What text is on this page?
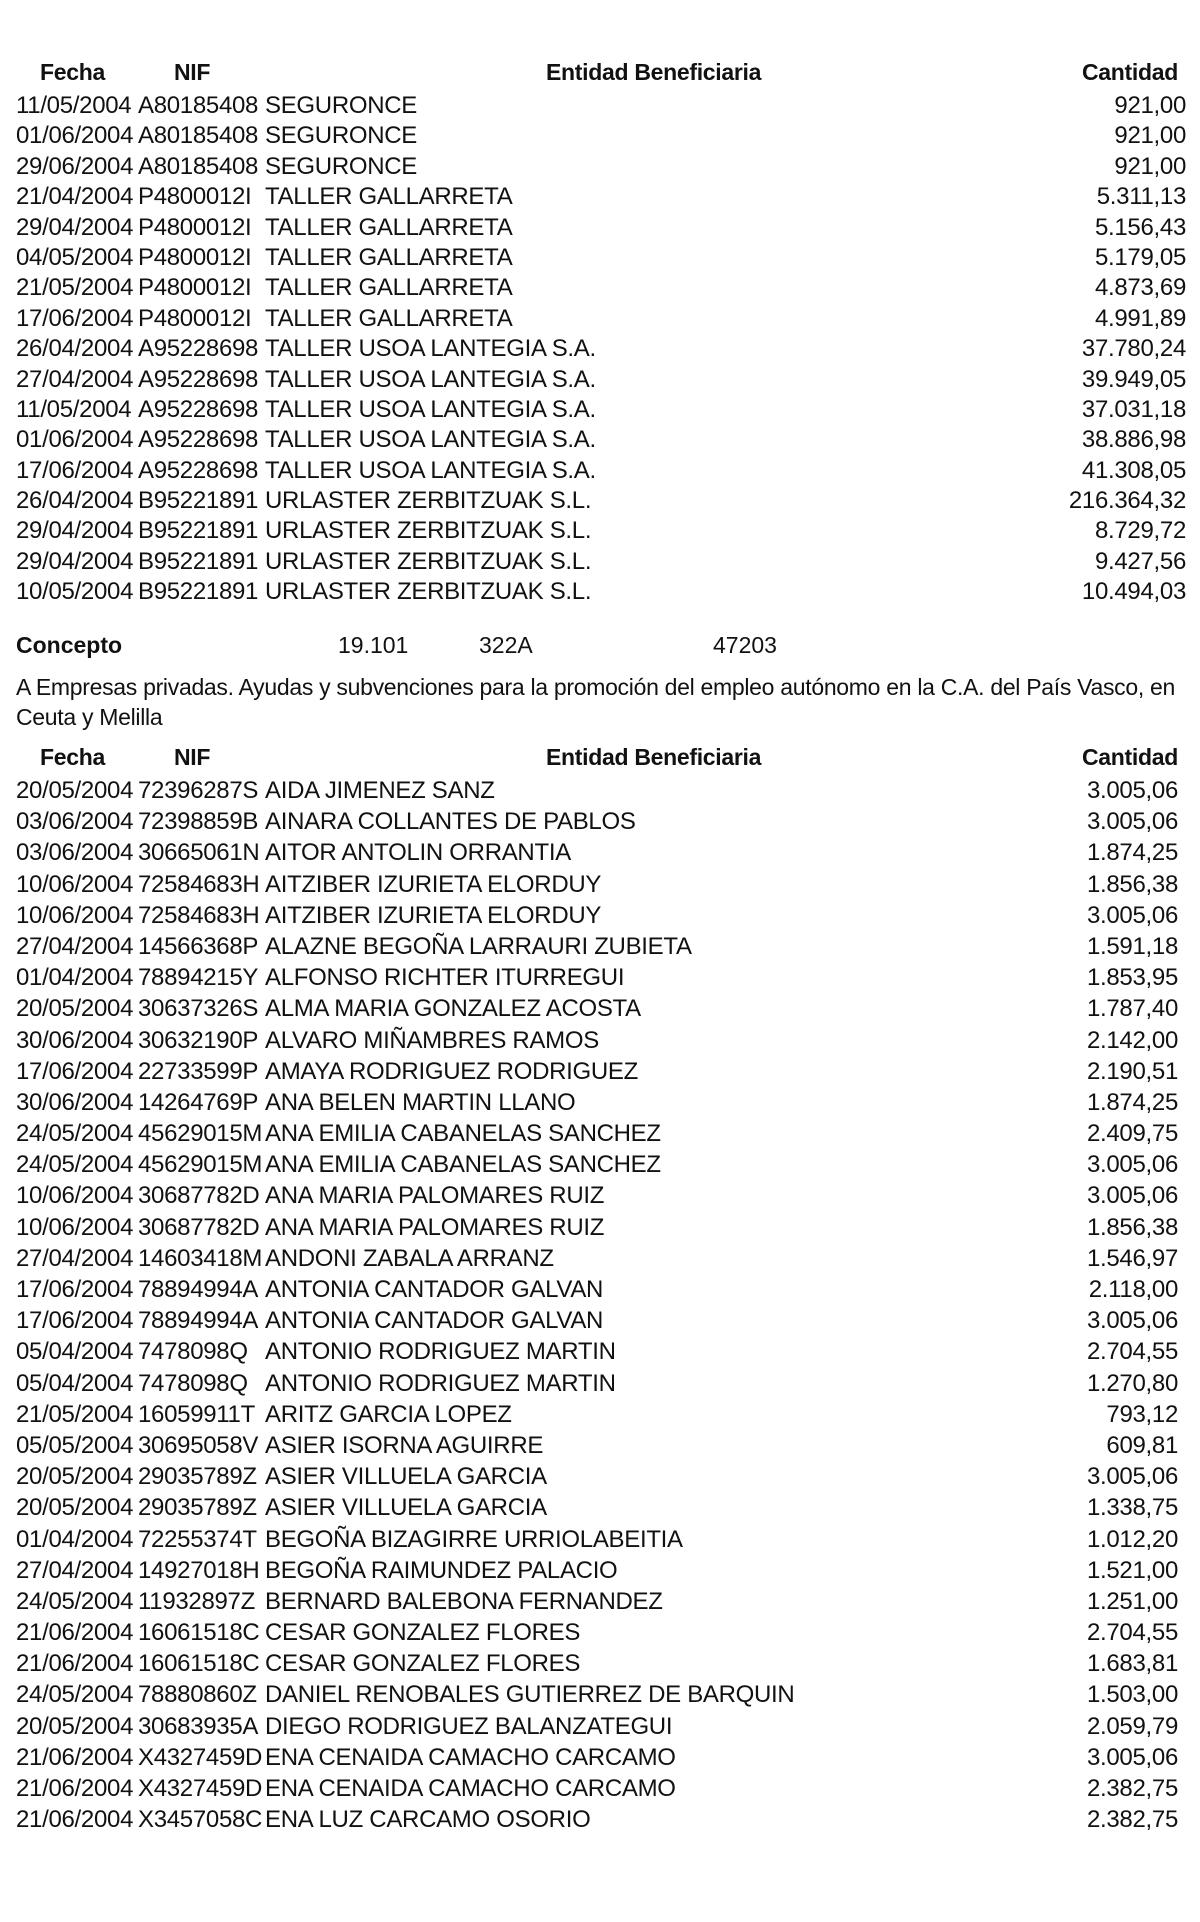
Fecha	NIF	Entidad Beneficiaria	Cantidad
11/05/2004 A80185408 SEGURONCE	921,00
01/06/2004 A80185408 SEGURONCE	921,00
29/06/2004 A80185408 SEGURONCE	921,00
21/04/2004 P4800012I TALLER GALLARRETA	5.311,13
29/04/2004 P4800012I TALLER GALLARRETA	5.156,43
04/05/2004 P4800012I TALLER GALLARRETA	5.179,05
21/05/2004 P4800012I TALLER GALLARRETA	4.873,69
17/06/2004 P4800012I TALLER GALLARRETA	4.991,89
26/04/2004 A95228698 TALLER USOA LANTEGIA S.A.	37.780,24
27/04/2004 A95228698 TALLER USOA LANTEGIA S.A.	39.949,05
11/05/2004 A95228698 TALLER USOA LANTEGIA S.A.	37.031,18
01/06/2004 A95228698 TALLER USOA LANTEGIA S.A.	38.886,98
17/06/2004 A95228698 TALLER USOA LANTEGIA S.A.	41.308,05
26/04/2004 B95221891 URLASTER ZERBITZUAK S.L.	216.364,32
29/04/2004 B95221891 URLASTER ZERBITZUAK S.L.	8.729,72
29/04/2004 B95221891 URLASTER ZERBITZUAK S.L.	9.427,56
10/05/2004 B95221891 URLASTER ZERBITZUAK S.L.	10.494,03
Concepto	19.101	322A	47203
A Empresas privadas. Ayudas y subvenciones para la promoción del empleo autónomo en la C.A. del País Vasco, en Ceuta y Melilla
Fecha	NIF	Entidad Beneficiaria	Cantidad
20/05/2004 72396287S AIDA JIMENEZ SANZ	3.005,06
03/06/2004 72398859B AINARA COLLANTES DE PABLOS	3.005,06
03/06/2004 30665061N AITOR ANTOLIN ORRANTIA	1.874,25
10/06/2004 72584683H AITZIBER IZURIETA ELORDUY	1.856,38
10/06/2004 72584683H AITZIBER IZURIETA ELORDUY	3.005,06
27/04/2004 14566368P ALAZNE BEGOÑA LARRAURI ZUBIETA	1.591,18
01/04/2004 78894215Y ALFONSO RICHTER ITURREGUI	1.853,95
20/05/2004 30637326S ALMA MARIA GONZALEZ ACOSTA	1.787,40
30/06/2004 30632190P ALVARO MIÑAMBRES RAMOS	2.142,00
17/06/2004 22733599P AMAYA RODRIGUEZ RODRIGUEZ	2.190,51
30/06/2004 14264769P ANA BELEN MARTIN LLANO	1.874,25
24/05/2004 45629015M ANA EMILIA CABANELAS SANCHEZ	2.409,75
24/05/2004 45629015M ANA EMILIA CABANELAS SANCHEZ	3.005,06
10/06/2004 30687782D ANA MARIA PALOMARES RUIZ	3.005,06
10/06/2004 30687782D ANA MARIA PALOMARES RUIZ	1.856,38
27/04/2004 14603418M ANDONI ZABALA ARRANZ	1.546,97
17/06/2004 78894994A ANTONIA CANTADOR GALVAN	2.118,00
17/06/2004 78894994A ANTONIA CANTADOR GALVAN	3.005,06
05/04/2004 7478098Q ANTONIO RODRIGUEZ MARTIN	2.704,55
05/04/2004 7478098Q ANTONIO RODRIGUEZ MARTIN	1.270,80
21/05/2004 16059911T ARITZ GARCIA LOPEZ	793,12
05/05/2004 30695058V ASIER ISORNA AGUIRRE	609,81
20/05/2004 29035789Z ASIER VILLUELA GARCIA	3.005,06
20/05/2004 29035789Z ASIER VILLUELA GARCIA	1.338,75
01/04/2004 72255374T BEGOÑA BIZAGIRRE URRIOLABEITIA	1.012,20
27/04/2004 14927018H BEGOÑA RAIMUNDEZ PALACIO	1.521,00
24/05/2004 11932897Z BERNARD BALEBONA FERNANDEZ	1.251,00
21/06/2004 16061518C CESAR GONZALEZ FLORES	2.704,55
21/06/2004 16061518C CESAR GONZALEZ FLORES	1.683,81
24/05/2004 78880860Z DANIEL RENOBALES GUTIERREZ DE BARQUIN	1.503,00
20/05/2004 30683935A DIEGO RODRIGUEZ BALANZATEGUI	2.059,79
21/06/2004 X4327459D ENA CENAIDA CAMACHO CARCAMO	3.005,06
21/06/2004 X4327459D ENA CENAIDA CAMACHO CARCAMO	2.382,75
21/06/2004 X3457058C ENA LUZ CARCAMO OSORIO	2.382,75
